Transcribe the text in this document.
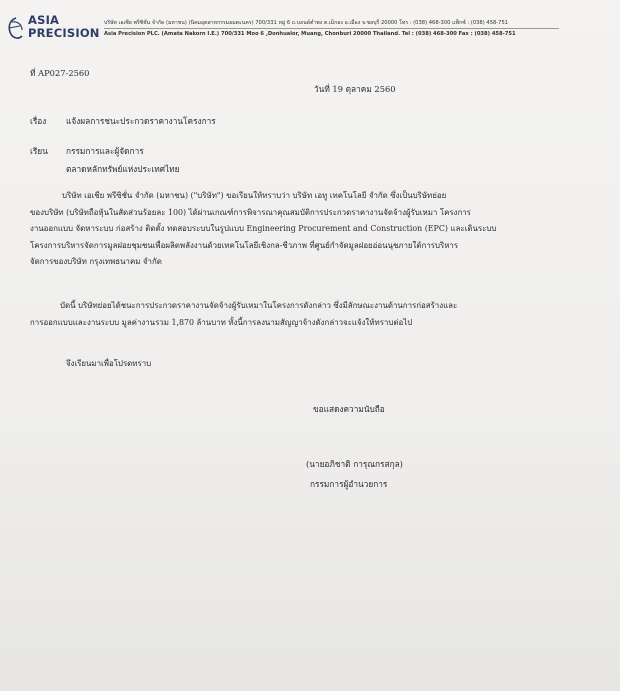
ASIA
PRECISION
บริษัท เอเซีย พรีซิชั่น จำกัด (มหาชน) (นิคมอุตสาหกรรมอมตะนคร) 700/331 หมู่ 6 ถ.บอนด์ตำพง ต.เม็กลง อ.เมือง จ.ชลบุรี 20000 โทร : (038) 468-300 แฟ็กซ์ : (038) 458-751
Asia Precision PLC. (Amata Nakorn I.E.) 700/331 Moo 6 ,Donhualor, Muang, Chonburi 20000 Thailand. Tel : (038) 468-300 Fax : (038) 458-751
ที่ AP027-2560
วันที่ 19 ตุลาคม 2560
เรื่อง แจ้งผลการชนะประกวดราคางานโครงการ
เรียน กรรมการและผู้จัดการ
ตลาดหลักทรัพย์แห่งประเทศไทย
บริษัท เอเชีย พรีซิชั่น จำกัด (มหาชน) ("บริษัท") ขอเรียนให้ทราบว่า บริษัท เอทู เทคโนโลยี จำกัด ซึ่งเป็นบริษัทย่อย
ของบริษัท (บริษัทถือหุ้นในสัดส่วนร้อยละ 100) ได้ผ่านเกณฑ์การพิจารณาคุณสมบัติการประกวดราคางานจัดจ้างผู้รับเหมา โครงการ
งานออกแบบ จัดหาระบบ ก่อสร้าง ติดตั้ง ทดสอบระบบในรูปแบบ Engineering Procurement and Construction (EPC) และเดินระบบ
โครงการบริหารจัดการมูลฝอยชุมชนเพื่อผลิตพลังงานด้วยเทคโนโลยีเชิงกล-ชีวภาพ ที่ศูนย์กำจัดมูลฝอยอ่อนนุชภายใต้การบริหาร
จัดการของบริษัท กรุงเทพธนาคม จำกัด
บัดนี้ บริษัทย่อยได้ชนะการประกวดราคางานจัดจ้างผู้รับเหมาในโครงการดังกล่าว ซึ่งมีลักษณะงานด้านการก่อสร้างและ
การออกแบบและงานระบบ มูลค่างานรวม 1,870 ล้านบาท ทั้งนี้การลงนามสัญญาจ้างดังกล่าวจะแจ้งให้ทราบต่อไป
จึงเรียนมาเพื่อโปรดทราบ
ขอแสดงความนับถือ
(นายอภิชาติ การุณกรสกุล)
กรรมการผู้อำนวยการ
